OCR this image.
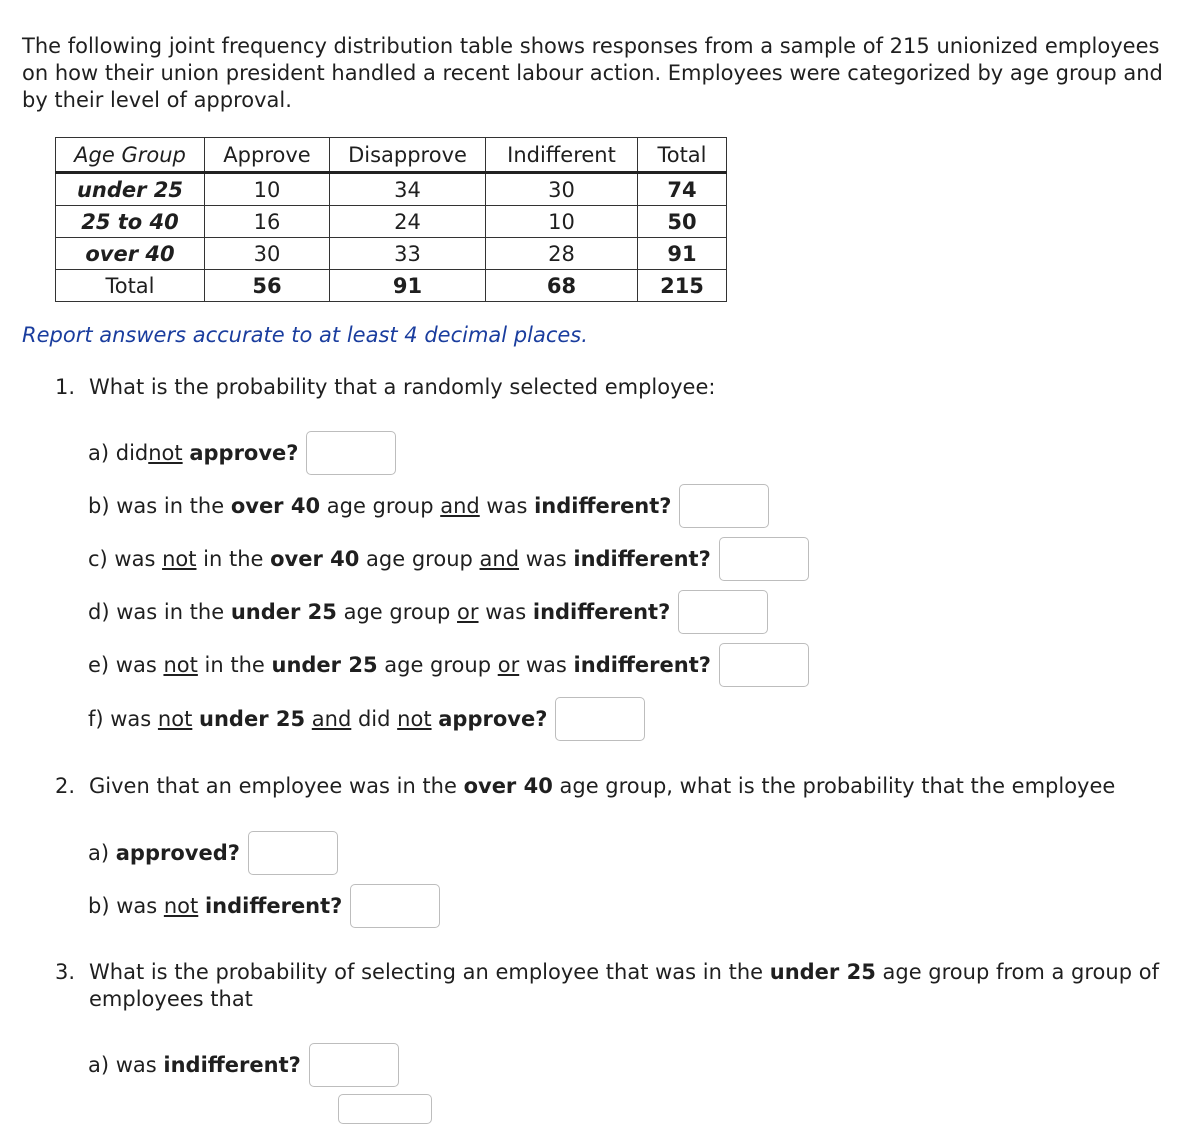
The following joint frequency distribution table shows responses from a sample of 215 unionized employees on how their union president handled a recent labour action. Employees were categorized by age group and by their level of approval.

Age Group	Approve	Disapprove	Indifferent	Total
under 25	10	34	30	74
25 to 40	16	24	10	50
over 40	30	33	28	91
Total	56	91	68	215

Report answers accurate to at least 4 decimal places.

1. What is the probability that a randomly selected employee:

a) did not
approve?
b) was in the over 40 age group and was indifferent?
c) was not in the over 40 age group and was indifferent?
d) was in the under 25 age group or was indifferent?
e) was not in the under 25 age group or was indifferent?
f) was not
under 25
and did not
approve?

2. Given that an employee was in the over 40 age group, what is the probability that the employee

a) approved?
b) was not
indifferent?

3. What is the probability of selecting an employee that was in the under 25 age group from a group of employees that

a) was indifferent?
